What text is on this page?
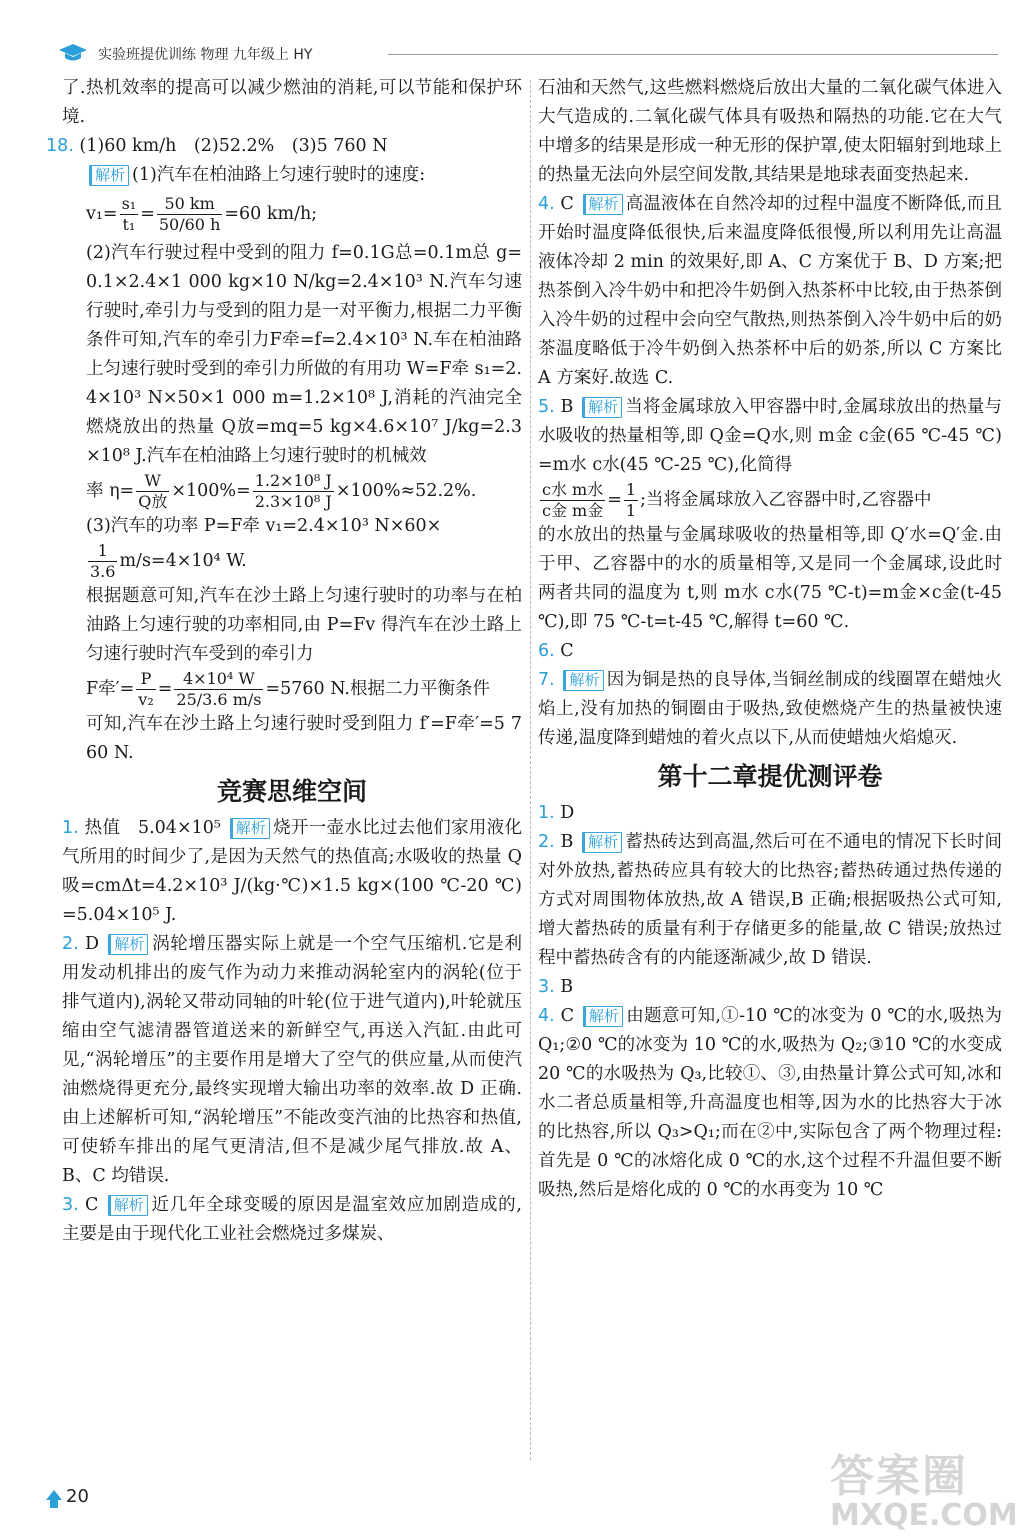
实验班提优训练 物理 九年级上 HY

了.热机效率的提高可以减少燃油的消耗,可以节能和保护环境.

18. (1)60 km/h　(2)52.2%　(3)5 760 N

解析 (1)汽车在柏油路上匀速行驶时的速度:

$v_1= \frac{\text{s₁}}{\text{t₁}} = \frac{50 km}{50/60 h} =60$ km/h;

(2)汽车行驶过程中受到的阻力 f=0.1G总=0.1m总 g=0.1×2.4×1 000 kg×10 N/kg=2.4×10³ N.汽车匀速行驶时,牵引力与受到的阻力是一对平衡力,根据二力平衡条件可知,汽车的牵引力F牵=f=2.4×10³ N.车在柏油路上匀速行驶时受到的牵引力所做的有用功 W=F牵 s₁=2.4×10³ N×50×1 000 m=1.2×10⁸ J,消耗的汽油完全燃烧放出的热量 Q放=mq=5 kg×4.6×10⁷ J/kg=2.3×10⁸ J.汽车在柏油路上匀速行驶时的机械效

率 $\eta= \frac{W}{\text{Q放}} \times 100\%= \frac{\text{1.2×10⁸ J}}{\text{2.3×10⁸ J}} \times 100\%\approx 52.2\%$.

(3)汽车的功率 P=F牵 v₁=2.4×10³ N×60×

$\frac{1}{3.6} m/s=4\times 10^4$ W.

根据题意可知,汽车在沙土路上匀速行驶时的功率与在柏油路上匀速行驶的功率相同,由 P=Fv 得汽车在沙土路上匀速行驶时汽车受到的牵引力

F牵′= $\frac{P}{\text{v₂}} = \frac{\text{4×10⁴ W}}{25/3.6 m/s} =5760$ N.根据二力平衡条件

可知,汽车在沙土路上匀速行驶时受到阻力 f′=F牵′=5 760 N.

竞赛思维空间

1. 热值　5.04×10⁵ 解析 烧开一壶水比过去他们家用液化气所用的时间少了,是因为天然气的热值高;水吸收的热量 Q吸=cmΔt=4.2×10³ J/(kg·℃)×1.5 kg×(100 ℃-20 ℃)=5.04×10⁵ J.

2. D 解析 涡轮增压器实际上就是一个空气压缩机.它是利用发动机排出的废气作为动力来推动涡轮室内的涡轮(位于排气道内),涡轮又带动同轴的叶轮(位于进气道内),叶轮就压缩由空气滤清器管道送来的新鲜空气,再送入汽缸.由此可见,“涡轮增压”的主要作用是增大了空气的供应量,从而使汽油燃烧得更充分,最终实现增大输出功率的效率.故 D 正确.由上述解析可知,“涡轮增压”不能改变汽油的比热容和热值,可使轿车排出的尾气更清洁,但不是减少尾气排放.故 A、B、C 均错误.

3. C 解析 近几年全球变暖的原因是温室效应加剧造成的,主要是由于现代化工业社会燃烧过多煤炭、

石油和天然气,这些燃料燃烧后放出大量的二氧化碳气体进入大气造成的.二氧化碳气体具有吸热和隔热的功能.它在大气中增多的结果是形成一种无形的保护罩,使太阳辐射到地球上的热量无法向外层空间发散,其结果是地球表面变热起来.

4. C 解析 高温液体在自然冷却的过程中温度不断降低,而且开始时温度降低很快,后来温度降低很慢,所以利用先让高温液体冷却 2 min 的效果好,即 A、C 方案优于 B、D 方案;把热茶倒入冷牛奶中和把冷牛奶倒入热茶杯中比较,由于热茶倒入冷牛奶的过程中会向空气散热,则热茶倒入冷牛奶中后的奶茶温度略低于冷牛奶倒入热茶杯中后的奶茶,所以 C 方案比 A 方案好.故选 C.

5. B 解析 当将金属球放入甲容器中时,金属球放出的热量与水吸收的热量相等,即 Q金=Q水,则 m金 c金(65 ℃-45 ℃)=m水 c水(45 ℃-25 ℃),化简得

$\frac{\text{c水 m水}}{\text{c金 m金}} = \frac{1}{1}$ ;当将金属球放入乙容器中时,乙容器中

的水放出的热量与金属球吸收的热量相等,即 Q′水=Q′金.由于甲、乙容器中的水的质量相等,又是同一个金属球,设此时两者共同的温度为 t,则 m水 c水(75 ℃-t)=m金×c金(t-45 ℃),即 75 ℃-t=t-45 ℃,解得 t=60 ℃.

6. C

7. 解析 因为铜是热的良导体,当铜丝制成的线圈罩在蜡烛火焰上,没有加热的铜圈由于吸热,致使燃烧产生的热量被快速传递,温度降到蜡烛的着火点以下,从而使蜡烛火焰熄灭.

第十二章提优测评卷

1. D

2. B 解析 蓄热砖达到高温,然后可在不通电的情况下长时间对外放热,蓄热砖应具有较大的比热容;蓄热砖通过热传递的方式对周围物体放热,故 A 错误,B 正确;根据吸热公式可知,增大蓄热砖的质量有利于存储更多的能量,故 C 错误;放热过程中蓄热砖含有的内能逐渐减少,故 D 错误.

3. B

4. C 解析 由题意可知,①-10 ℃的冰变为 0 ℃的水,吸热为 Q₁;②0 ℃的冰变为 10 ℃的水,吸热为 Q₂;③10 ℃的水变成 20 ℃的水吸热为 Q₃,比较①、③,由热量计算公式可知,冰和水二者总质量相等,升高温度也相等,因为水的比热容大于冰的比热容,所以 Q₃>Q₁;而在②中,实际包含了两个物理过程:首先是 0 ℃的冰熔化成 0 ℃的水,这个过程不升温但要不断吸热,然后是熔化成的 0 ℃的水再变为 10 ℃

20	答案圈
MXQE.COM
